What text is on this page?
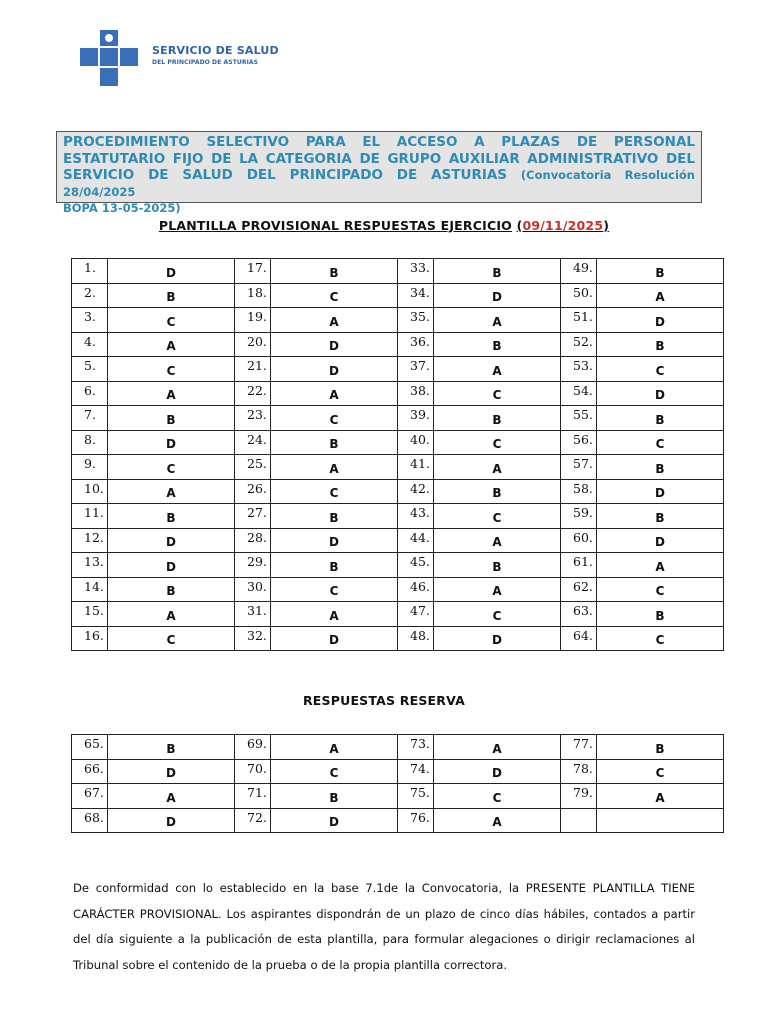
SERVICIO DE SALUD
DEL PRINCIPADO DE ASTURIAS

PROCEDIMIENTO SELECTIVO PARA EL ACCESO A PLAZAS DE PERSONAL ESTATUTARIO FIJO DE LA CATEGORIA DE GRUPO AUXILIAR ADMINISTRATIVO DEL SERVICIO DE SALUD DEL PRINCIPADO DE ASTURIAS (Convocatoria Resolución 28/04/2025
BOPA 13-05-2025)

PLANTILLA PROVISIONAL RESPUESTAS EJERCICIO (09/11/2025)
1.	D	17.	B	33.	B	49.	B
2.	B	18.	C	34.	D	50.	A
3.	C	19.	A	35.	A	51.	D
4.	A	20.	D	36.	B	52.	B
5.	C	21.	D	37.	A	53.	C
6.	A	22.	A	38.	C	54.	D
7.	B	23.	C	39.	B	55.	B
8.	D	24.	B	40.	C	56.	C
9.	C	25.	A	41.	A	57.	B
10.	A	26.	C	42.	B	58.	D
11.	B	27.	B	43.	C	59.	B
12.	D	28.	D	44.	A	60.	D
13.	D	29.	B	45.	B	61.	A
14.	B	30.	C	46.	A	62.	C
15.	A	31.	A	47.	C	63.	B
16.	C	32.	D	48.	D	64.	C
RESPUESTAS RESERVA
65.	B	69.	A	73.	A	77.	B
66.	D	70.	C	74.	D	78.	C
67.	A	71.	B	75.	C	79.	A
68.	D	72.	D	76.	A		

De conformidad con lo establecido en la base 7.1de la Convocatoria, la PRESENTE PLANTILLA TIENE CARÁCTER PROVISIONAL. Los aspirantes dispondrán de un plazo de cinco días hábiles, contados a partir del día siguiente a la publicación de esta plantilla, para formular alegaciones o dirigir reclamaciones al Tribunal sobre el contenido de la prueba o de la propia plantilla correctora.
